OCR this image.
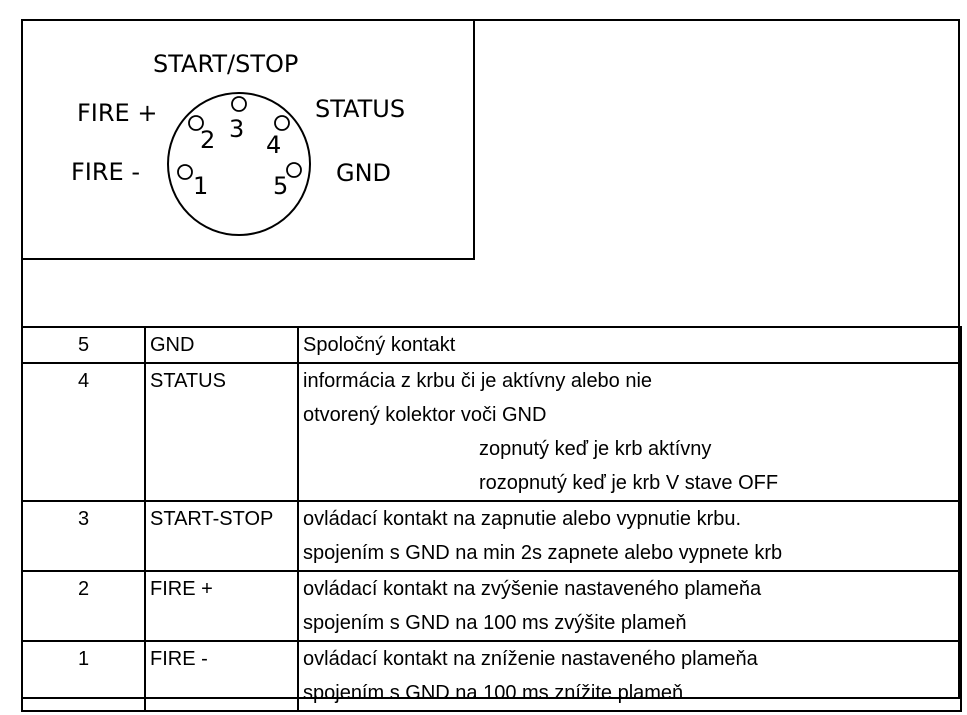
3
2 4
1	5
START/STOP
FIRE +	STATUS
FIRE -	GND
5	GND	Spoločný kontakt

4	STATUS	informácia z krbu či je aktívny alebo nie
otvorený kolektor voči GND
zopnutý keď je krb aktívny
rozopnutý keď je krb V stave OFF

3	START-STOP	ovládací kontakt na zapnutie alebo vypnutie krbu.
spojením s GND na min 2s zapnete alebo vypnete krb

2	FIRE +	ovládací kontakt na zvýšenie nastaveného plameňa
spojením s GND na 100 ms zvýšite plameň

1	FIRE -	ovládací kontakt na zníženie nastaveného plameňa
spojením s GND na 100 ms znížite plameň
